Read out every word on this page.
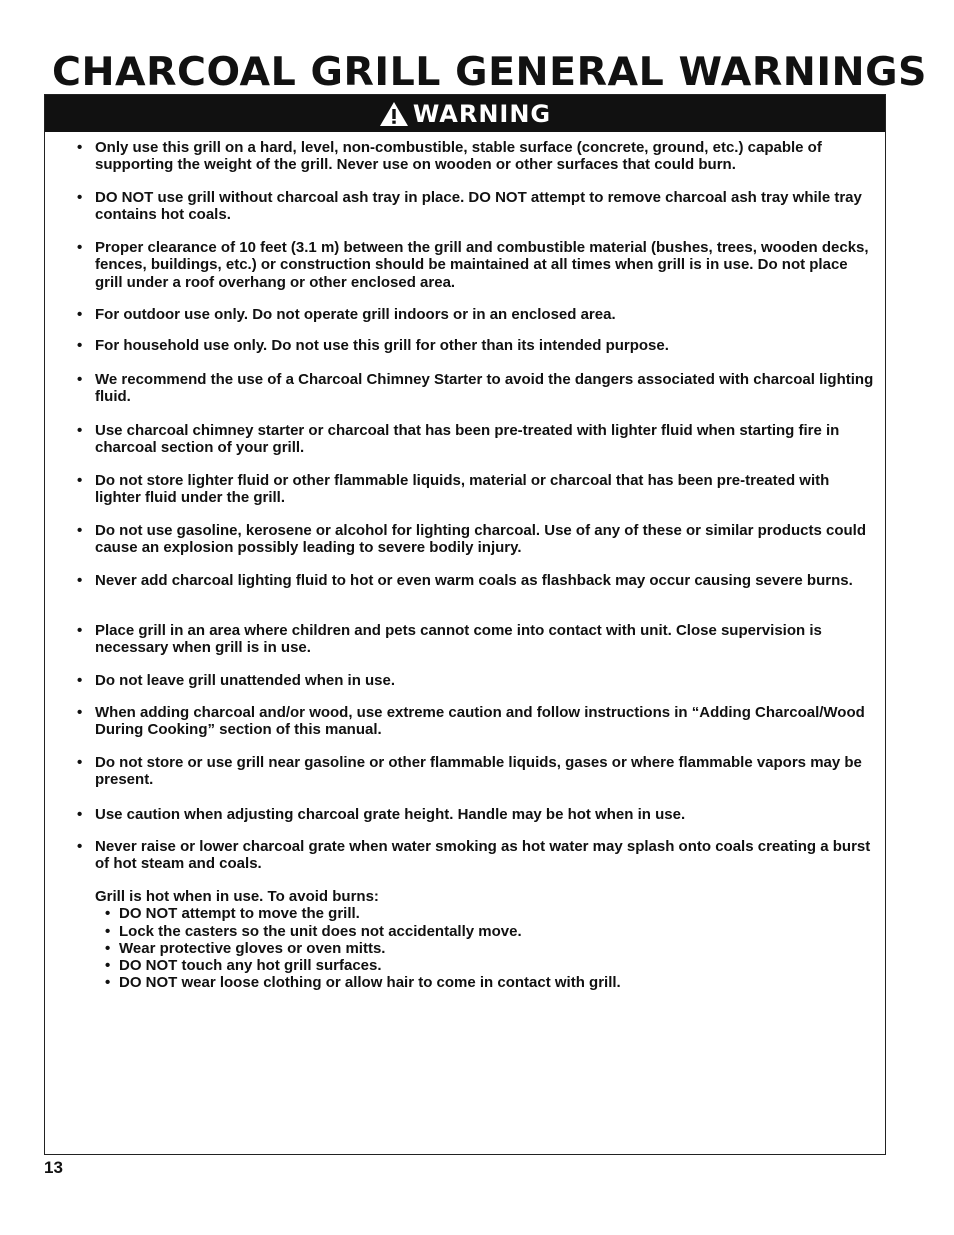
CHARCOAL GRILL GENERAL WARNINGS
WARNING
• Only use this grill on a hard, level, non-combustible, stable surface (concrete, ground, etc.) capable of supporting the weight of the grill. Never use on wooden or other surfaces that could burn.
• DO NOT use grill without charcoal ash tray in place. DO NOT attempt to remove charcoal ash tray while tray contains hot coals.
• Proper clearance of 10 feet (3.1 m) between the grill and combustible material (bushes, trees, wooden decks, fences, buildings, etc.) or construction should be maintained at all times when grill is in use. Do not place grill under a roof overhang or other enclosed area.
• For outdoor use only. Do not operate grill indoors or in an enclosed area.
• For household use only. Do not use this grill for other than its intended purpose.
• We recommend the use of a Charcoal Chimney Starter to avoid the dangers associated with charcoal lighting fluid.
• Use charcoal chimney starter or charcoal that has been pre-treated with lighter fluid when starting fire in charcoal section of your grill.
• Do not store lighter fluid or other flammable liquids, material or charcoal that has been pre-treated with lighter fluid under the grill.
• Do not use gasoline, kerosene or alcohol for lighting charcoal. Use of any of these or similar products could cause an explosion possibly leading to severe bodily injury.
• Never add charcoal lighting fluid to hot or even warm coals as flashback may occur causing severe burns.
• Place grill in an area where children and pets cannot come into contact with unit. Close supervision is necessary when grill is in use.
• Do not leave grill unattended when in use.
• When adding charcoal and/or wood, use extreme caution and follow instructions in “Adding Charcoal/Wood During Cooking” section of this manual.
• Do not store or use grill near gasoline or other flammable liquids, gases or where flammable vapors may be present.
• Use caution when adjusting charcoal grate height. Handle may be hot when in use.
• Never raise or lower charcoal grate when water smoking as hot water may splash onto coals creating a burst of hot steam and coals.
Grill is hot when in use. To avoid burns:
• DO NOT attempt to move the grill.
• Lock the casters so the unit does not accidentally move.
• Wear protective gloves or oven mitts.
• DO NOT touch any hot grill surfaces.
• DO NOT wear loose clothing or allow hair to come in contact with grill.
13
